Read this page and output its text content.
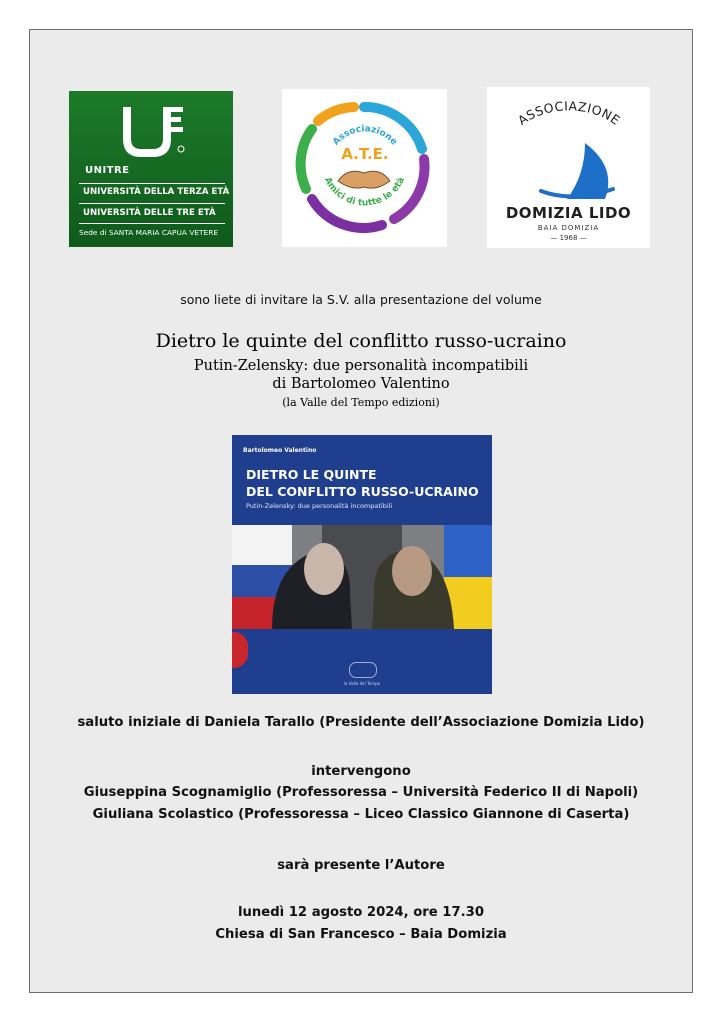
UNITRE
UNIVERSITÀ DELLA TERZA ETÀ
UNIVERSITÀ DELLE TRE ETÀ
Sede di SANTA MARIA CAPUA VETERE
Associazione
Amici di tutte le età
A.T.E.
ASSOCIAZIONE
DOMIZIA LIDO
BAIA DOMIZIA
— 1968 —
sono liete di invitare la S.V. alla presentazione del volume
Dietro le quinte del conflitto russo-ucraino
Putin-Zelensky: due personalità incompatibili
di Bartolomeo Valentino
(la Valle del Tempo edizioni)
Bartolomeo Valentino
DIETRO LE QUINTE
DEL CONFLITTO RUSSO-UCRAINO
Putin-Zelensky: due personalità incompatibili
la Valle del Tempo
saluto iniziale di Daniela Tarallo (Presidente dell’Associazione Domizia Lido)
intervengono
Giuseppina Scognamiglio (Professoressa – Università Federico II di Napoli)
Giuliana Scolastico (Professoressa – Liceo Classico Giannone di Caserta)
sarà presente l’Autore
lunedì 12 agosto 2024, ore 17.30
Chiesa di San Francesco – Baia Domizia
